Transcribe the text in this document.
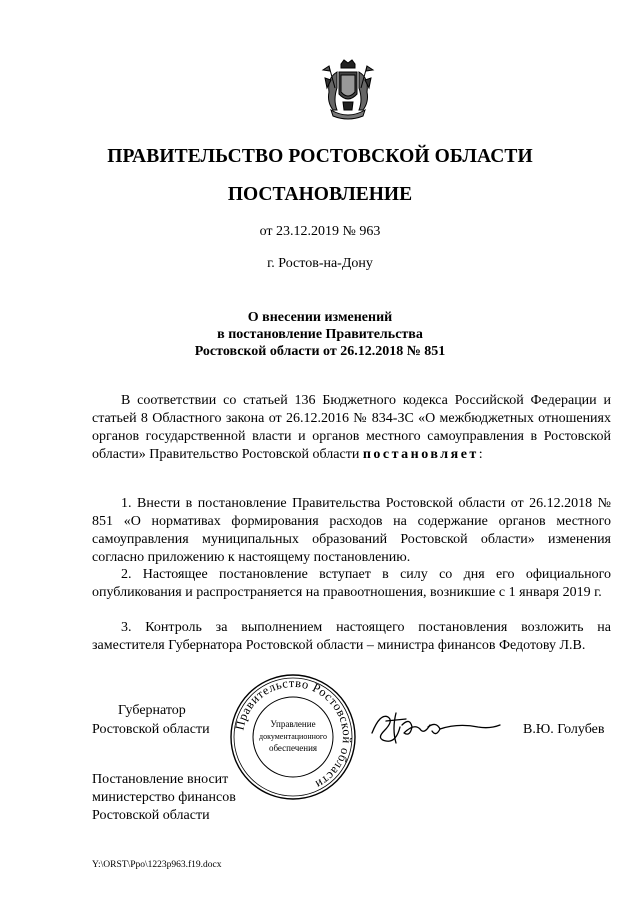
ПРАВИТЕЛЬСТВО РОСТОВСКОЙ ОБЛАСТИ
ПОСТАНОВЛЕНИЕ
от 23.12.2019 № 963
г. Ростов-на-Дону
О внесении изменений
в постановление Правительства
Ростовской области от 26.12.2018 № 851
В соответствии со статьей 136 Бюджетного кодекса Российской Федерации и статьей 8 Областного закона от 26.12.2016 № 834-ЗС «О межбюджетных отношениях органов государственной власти и органов местного самоуправления в Ростовской области» Правительство Ростовской области постановляет:
1. Внести в постановление Правительства Ростовской области от 26.12.2018 № 851 «О нормативах формирования расходов на содержание органов местного самоуправления муниципальных образований Ростовской области» изменения согласно приложению к настоящему постановлению.
2. Настоящее постановление вступает в силу со дня его официального опубликования и распространяется на правоотношения, возникшие с 1 января 2019 г.
3. Контроль за выполнением настоящего постановления возложить на заместителя Губернатора Ростовской области – министра финансов Федотову Л.В.
Губернатор
Ростовской области Правительство Ростовской области
Управление
документационного
обеспечения
В.Ю. Голубев
Постановление вносит
министерство финансов
Ростовской области
Y:\ORST\Ppo\1223p963.f19.docx
